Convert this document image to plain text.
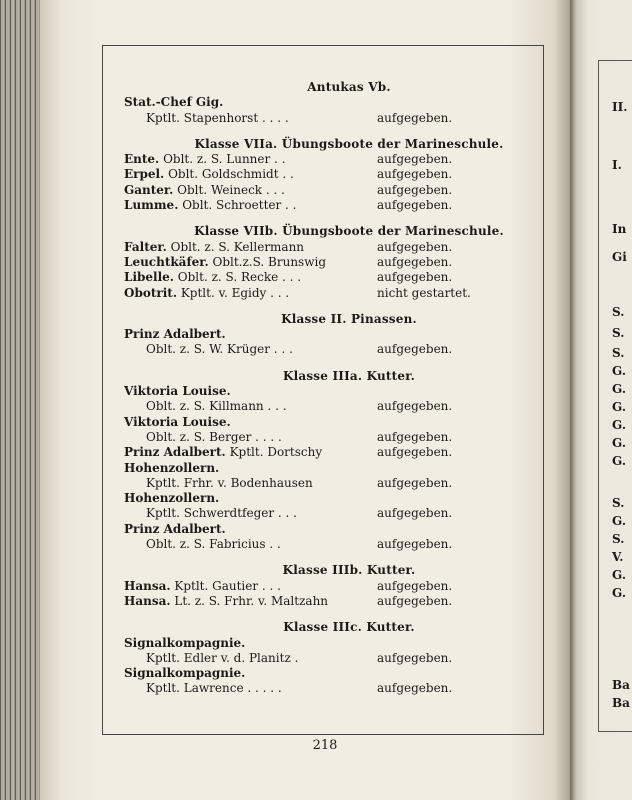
Antukas Vb.
Stat.-Chef Gig.
Kptlt. Stapenhorst . . . .	aufgegeben.
Klasse VIIa. Übungsboote der Marineschule.
Ente. Oblt. z. S. Lunner . .	aufgegeben.
Erpel. Oblt. Goldschmidt . .	aufgegeben.
Ganter. Oblt. Weineck . . .	aufgegeben.
Lumme. Oblt. Schroetter . .	aufgegeben.
Klasse VIIb. Übungsboote der Marineschule.
Falter. Oblt. z. S. Kellermann	aufgegeben.
Leuchtkäfer. Oblt.z.S. Brunswig	aufgegeben.
Libelle. Oblt. z. S. Recke . . .	aufgegeben.
Obotrit. Kptlt. v. Egidy . . .	nicht gestartet.
Klasse II. Pinassen.
Prinz Adalbert.
Oblt. z. S. W. Krüger . . .	aufgegeben.
Klasse IIIa. Kutter.
Viktoria Louise.
Oblt. z. S. Killmann . . .	aufgegeben.
Viktoria Louise.
Oblt. z. S. Berger . . . .	aufgegeben.
Prinz Adalbert. Kptlt. Dortschy	aufgegeben.
Hohenzollern.
Kptlt. Frhr. v. Bodenhausen	aufgegeben.
Hohenzollern.
Kptlt. Schwerdtfeger . . .	aufgegeben.
Prinz Adalbert.
Oblt. z. S. Fabricius . .	aufgegeben.
Klasse IIIb. Kutter.
Hansa. Kptlt. Gautier . . .	aufgegeben.
Hansa. Lt. z. S. Frhr. v. Maltzahn	aufgegeben.
Klasse IIIc. Kutter.
Signalkompagnie.
Kptlt. Edler v. d. Planitz .	aufgegeben.
Signalkompagnie.
Kptlt. Lawrence . . . . .	aufgegeben.
218
II.
I.
In
Gi
S.
S.
S.
G.
G.
G.
G.
G.
G.
S.
G.
S.
V.
G.
G.
Ba
Ba
